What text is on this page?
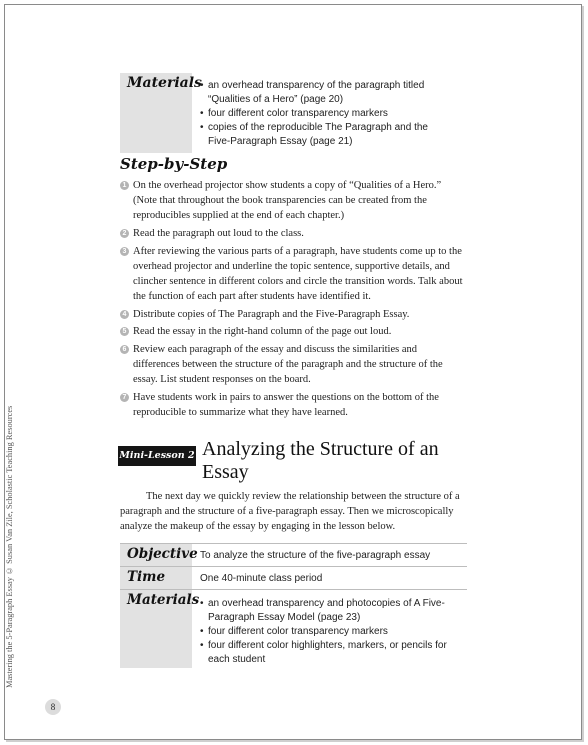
Mastering the 5-Paragraph Essay © Susan Van Zile, Scholastic Teaching Resources
Materials • an overhead transparency of the paragraph titled “Qualities of a Hero” (page 20)
• four different color transparency markers
• copies of the reproducible The Paragraph and the Five-Paragraph Essay (page 21)
Step-by-Step
1 On the overhead projector show students a copy of “Qualities of a Hero.” (Note that throughout the book transparencies can be created from the reproducibles supplied at the end of each chapter.)
2 Read the paragraph out loud to the class.
3 After reviewing the various parts of a paragraph, have students come up to the overhead projector and underline the topic sentence, supportive details, and clincher sentence in different colors and circle the transition words. Talk about the function of each part after students have identified it.
4 Distribute copies of The Paragraph and the Five-Paragraph Essay.
5 Read the essay in the right-hand column of the page out loud.
6 Review each paragraph of the essay and discuss the similarities and differences between the structure of the paragraph and the structure of the essay. List student responses on the board.
7 Have students work in pairs to answer the questions on the bottom of the reproducible to summarize what they have learned.
Mini-Lesson 2 Analyzing the Structure of an Essay

The next day we quickly review the relationship between the structure of a paragraph and the structure of a five-paragraph essay. Then we microscopically analyze the makeup of the essay by engaging in the lesson below.

Objective To analyze the structure of the five-paragraph essay
Time	One 40-minute class period
Materials • an overhead transparency and photocopies of A Five-Paragraph Essay Model (page 23)
• four different color transparency markers
• four different color highlighters, markers, or pencils for each student
8
